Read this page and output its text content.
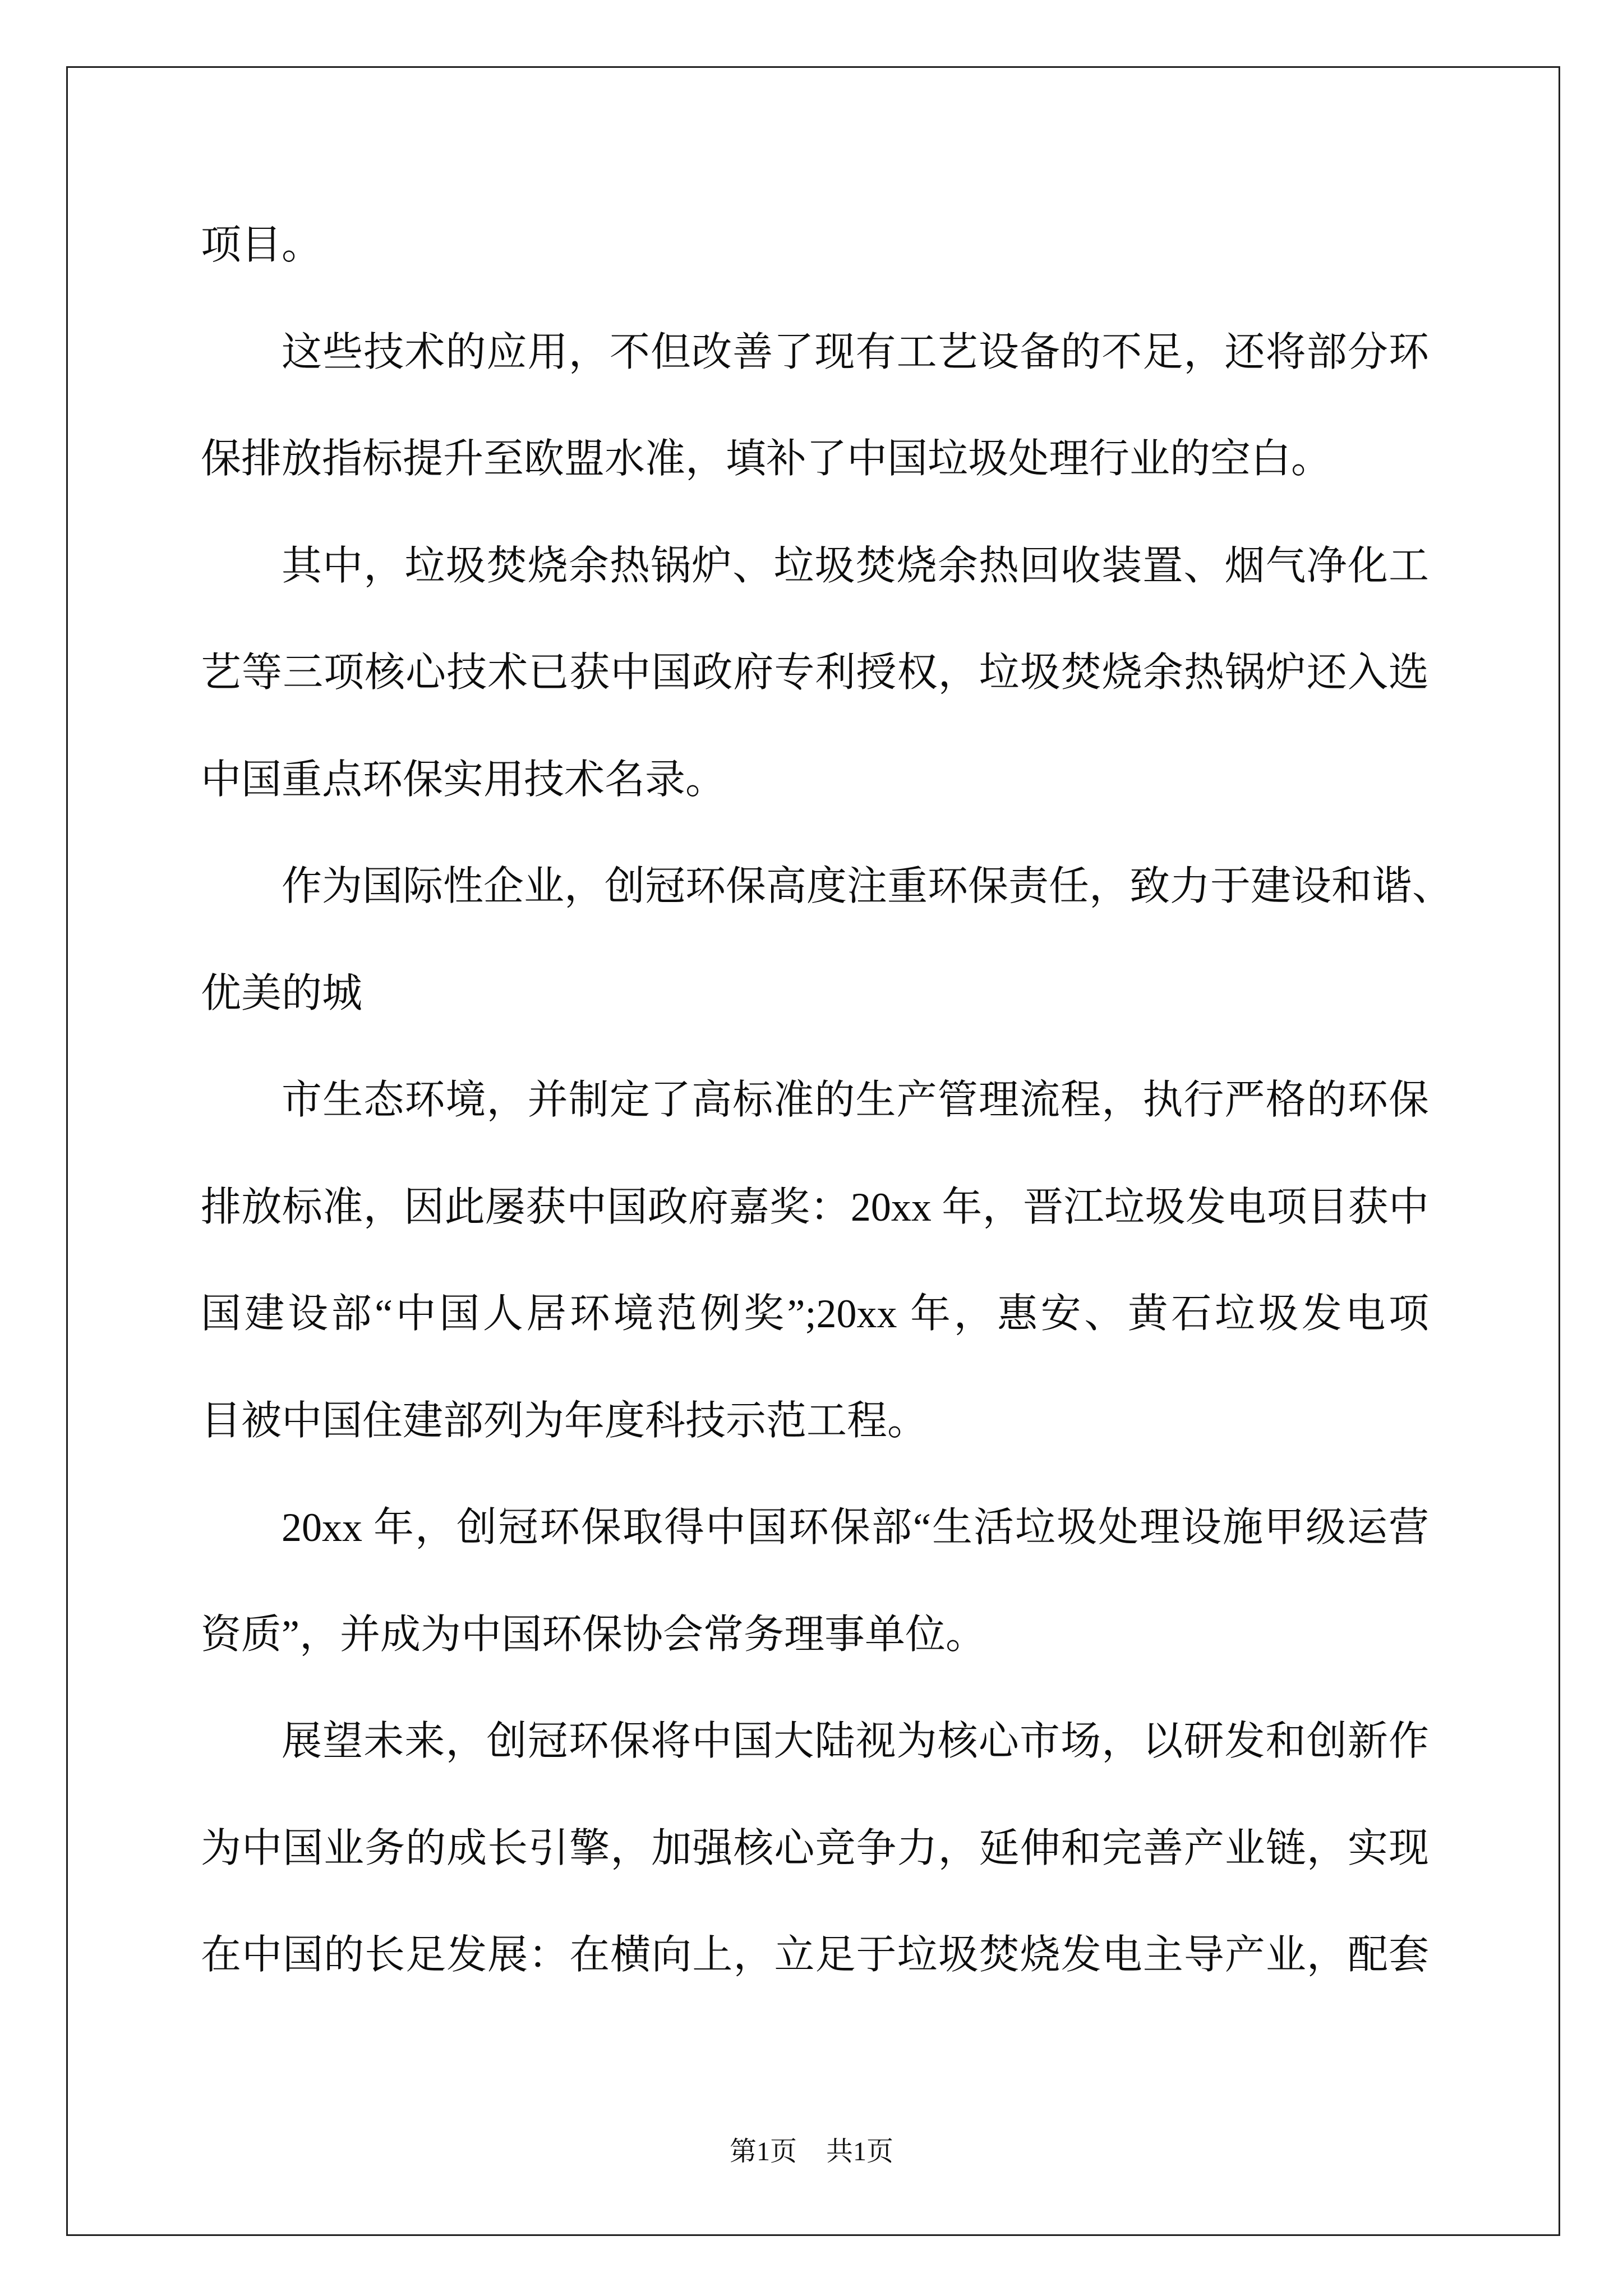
项目。
这些技术的应用，不但改善了现有工艺设备的不足，还将部分环
保排放指标提升至欧盟水准，填补了中国垃圾处理行业的空白。
其中，垃圾焚烧余热锅炉、垃圾焚烧余热回收装置、烟气净化工
艺等三项核心技术已获中国政府专利授权，垃圾焚烧余热锅炉还入选
中国重点环保实用技术名录。
作为国际性企业，创冠环保高度注重环保责任，致力于建设和谐、
优美的城
市生态环境，并制定了高标准的生产管理流程，执行严格的环保
排放标准，因此屡获中国政府嘉奖：20xx 年，晋江垃圾发电项目获中
国建设部“中国人居环境范例奖”;20xx 年，惠安、黄石垃圾发电项
目被中国住建部列为年度科技示范工程。
20xx 年，创冠环保取得中国环保部“生活垃圾处理设施甲级运营
资质”，并成为中国环保协会常务理事单位。
展望未来，创冠环保将中国大陆视为核心市场，以研发和创新作
为中国业务的成长引擎，加强核心竞争力，延伸和完善产业链，实现
在中国的长足发展：在横向上，立足于垃圾焚烧发电主导产业，配套
第1页 共1页
